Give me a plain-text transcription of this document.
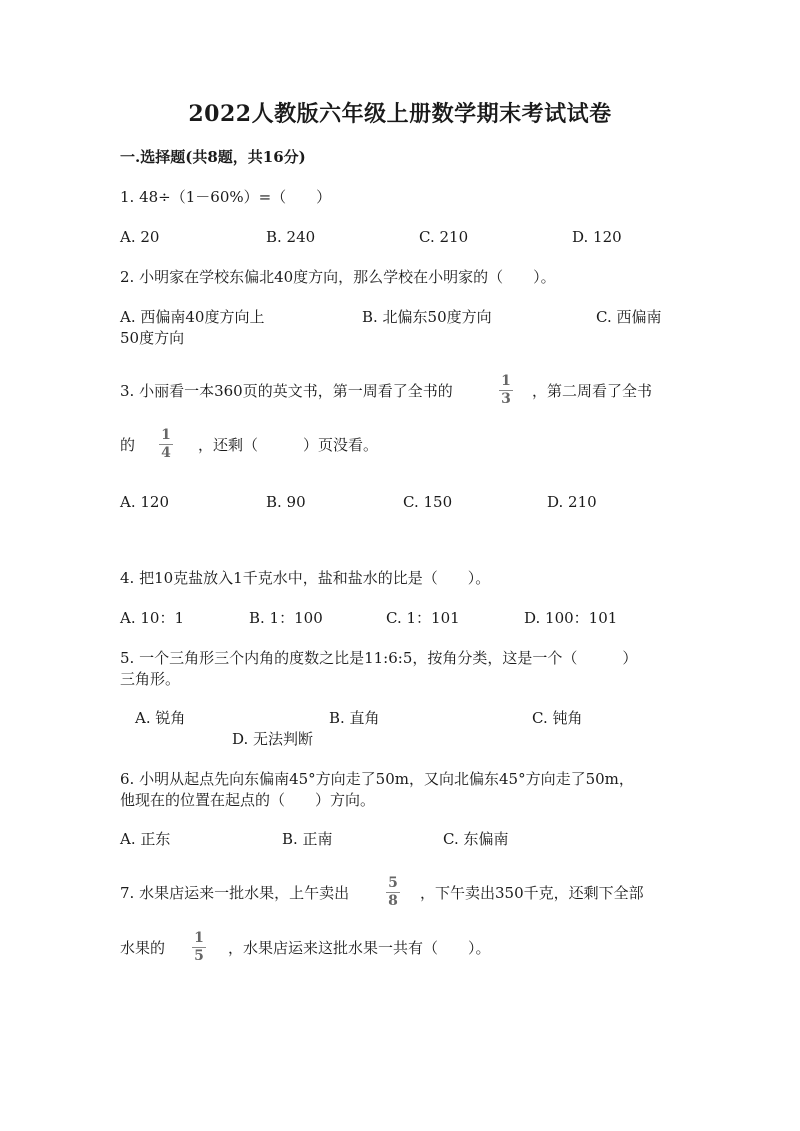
2022人教版六年级上册数学期末考试试卷
一.选择题(共8题，共16分)
1. 48÷（1－60%）=（　　）
A. 20	B. 240	C. 210	D. 120
2. 小明家在学校东偏北40度方向，那么学校在小明家的（　　）。
A. 西偏南40度方向上	B. 北偏东50度方向	C. 西偏南
50度方向
3. 小丽看一本360页的英文书，第一周看了全书的
1
3 ，第二周看了全书
的
1
4 ，还剩（　　　）页没看。
A. 120	B. 90	C. 150	D. 210
4. 把10克盐放入1千克水中，盐和盐水的比是（　　）。
A. 10：1	B. 1：100	C. 1：101	D. 100：101
5. 一个三角形三个内角的度数之比是11:6:5，按角分类，这是一个（　　　）
三角形。
A. 锐角	B. 直角	C. 钝角
D. 无法判断
6. 小明从起点先向东偏南45°方向走了50m，又向北偏东45°方向走了50m，
他现在的位置在起点的（　　）方向。
A. 正东	B. 正南	C. 东偏南
7. 水果店运来一批水果，上午卖出
5
8 ，下午卖出350千克，还剩下全部
水果的
1
5 ，水果店运来这批水果一共有（　　）。
